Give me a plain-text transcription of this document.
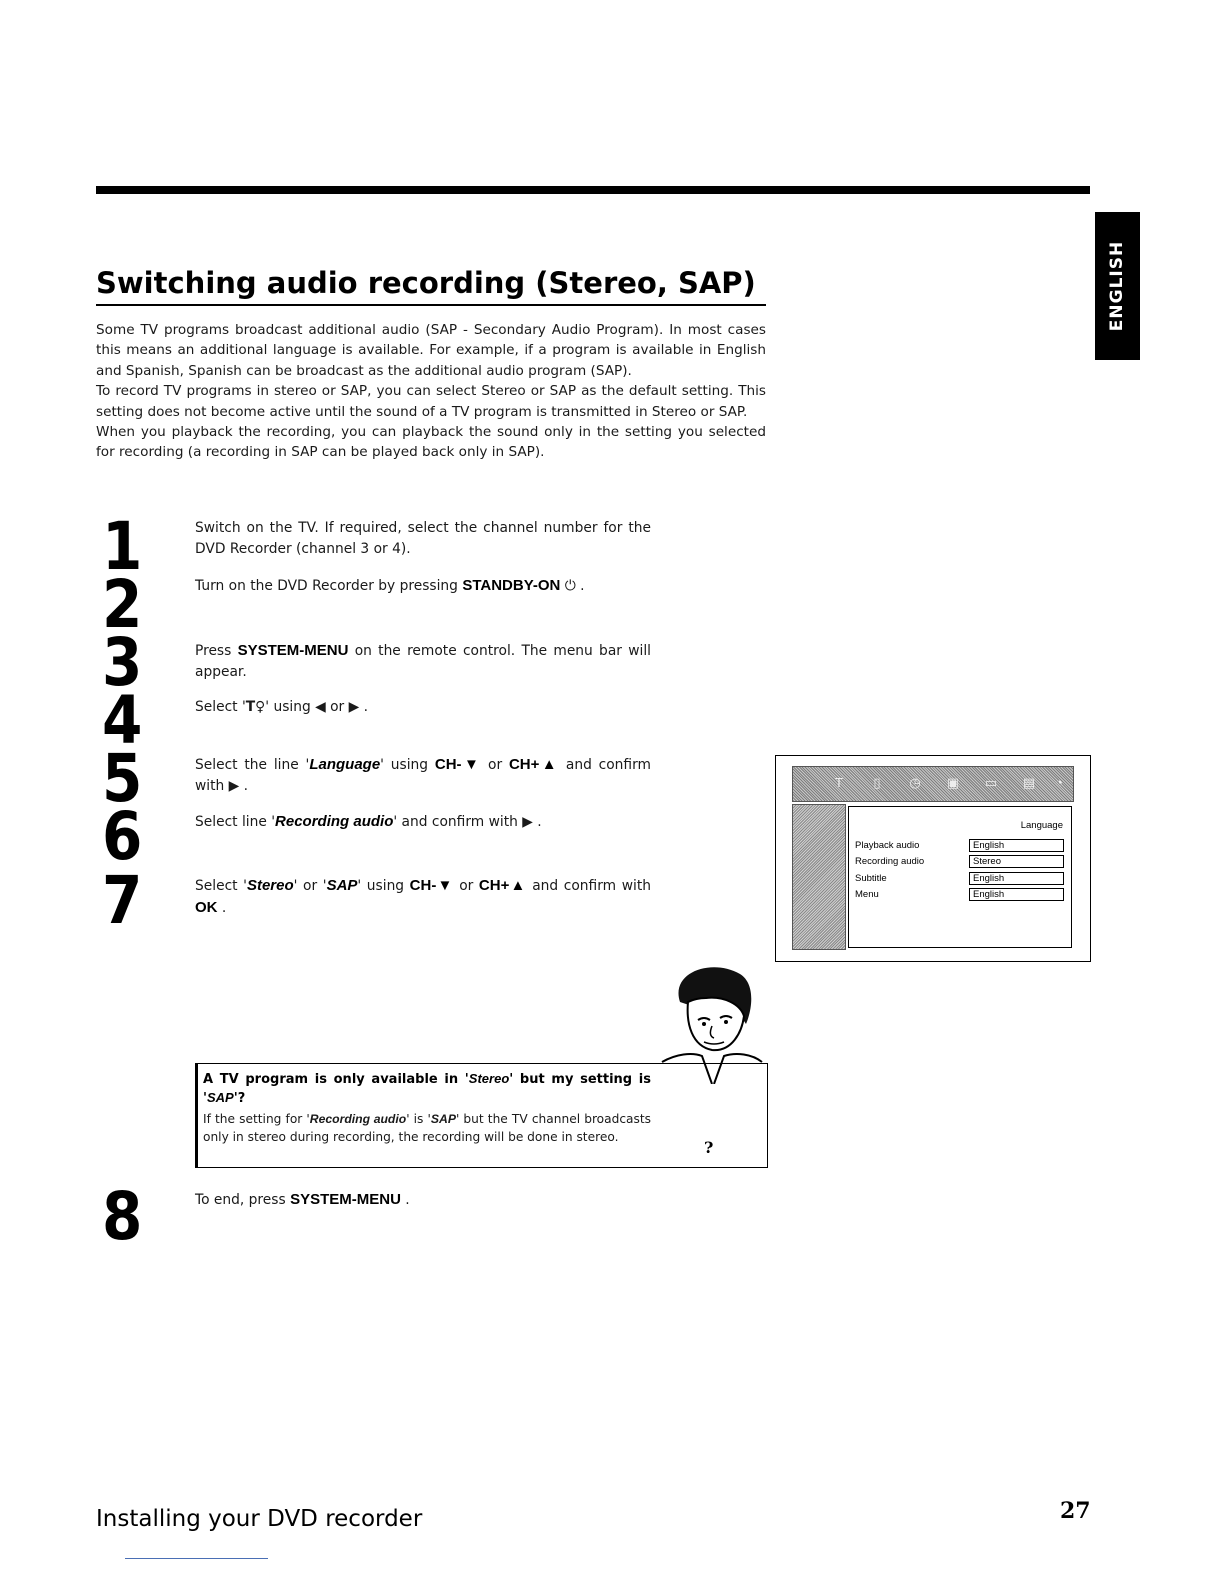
ENGLISH
Switching audio recording (Stereo, SAP)

Some TV programs broadcast additional audio (SAP - Secondary Audio Program). In most cases this means an additional language is available. For example, if a program is available in English and Spanish, Spanish can be broadcast as the additional audio program (SAP).

To record TV programs in stereo or SAP, you can select Stereo or SAP as the default setting. This setting does not become active until the sound of a TV program is transmitted in Stereo or SAP.

When you playback the recording, you can playback the sound only in the setting you selected for recording (a recording in SAP can be played back only in SAP).

1
2
3
4
5
6
7
8
Switch on the TV. If required, select the channel number for the DVD Recorder (channel 3 or 4).
Turn on the DVD Recorder by pressing STANDBY-ON ⏻ .
Press SYSTEM-MENU on the remote control. The menu bar will appear.
Select 'T♀' using ◀ or ▶ .
Select the line 'Language' using CH-▼ or CH+▲ and confirm with ▶ .
Select line 'Recording audio' and confirm with ▶ .
Select 'Stereo' or 'SAP' using CH-▼ or CH+▲ and confirm with OK .
To end, press SYSTEM-MENU .
T	▯	◷	▣ ▭ ▤	◔
Language
Playback audio	English
Recording audio	Stereo
Subtitle	English
Menu	English
A TV program is only available in 'Stereo' but my setting is 'SAP'?
If the setting for 'Recording audio' is 'SAP' but the TV channel broadcasts only in stereo during recording, the recording will be done in stereo.
?
Installing your DVD recorder	27
